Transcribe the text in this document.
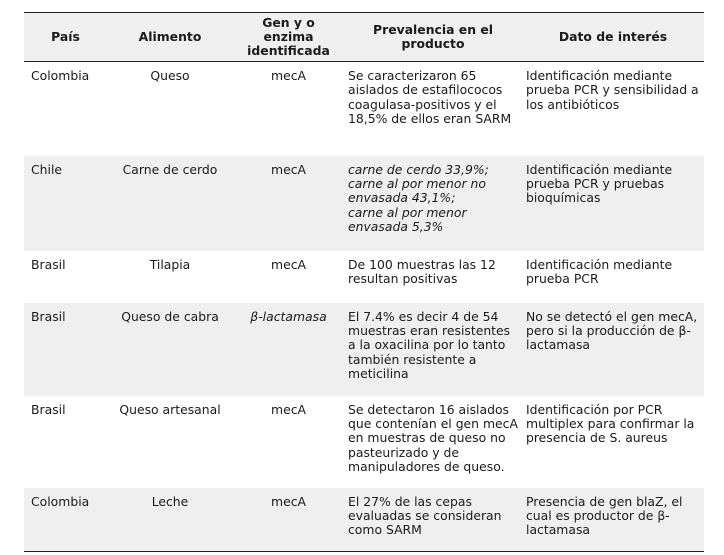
País	Alimento	Gen y o enzima identificada	Prevalencia en el producto	Dato de interés
Colombia	Queso	mecA	Se caracterizaron 65 aislados de estafilococos coagulasa-positivos y el 18,5% de ellos eran SARM	Identificación mediante prueba PCR y sensibilidad a los antibióticos
Chile	Carne de cerdo	mecA	carne de cerdo 33,9%;
carne al por menor no envasada 43,1%;
carne al por menor envasada 5,3%	Identificación mediante prueba PCR y pruebas bioquímicas
Brasil	Tilapia	mecA	De 100 muestras las 12 resultan positivas	Identificación mediante prueba PCR
Brasil	Queso de cabra	β-lactamasa	El 7.4% es decir 4 de 54 muestras eran resistentes a la oxacilina por lo tanto también resistente a meticilina	No se detectó el gen mecA, pero si la producción de β-lactamasa
Brasil	Queso artesanal	mecA	Se detectaron 16 aislados que contenían el gen mecA en muestras de queso no pasteurizado y de manipuladores de queso.	Identificación por PCR multiplex para confirmar la presencia de S. aureus
Colombia	Leche	mecA	El 27% de las cepas evaluadas se consideran como SARM	Presencia de gen blaZ, el cual es productor de β-lactamasa
